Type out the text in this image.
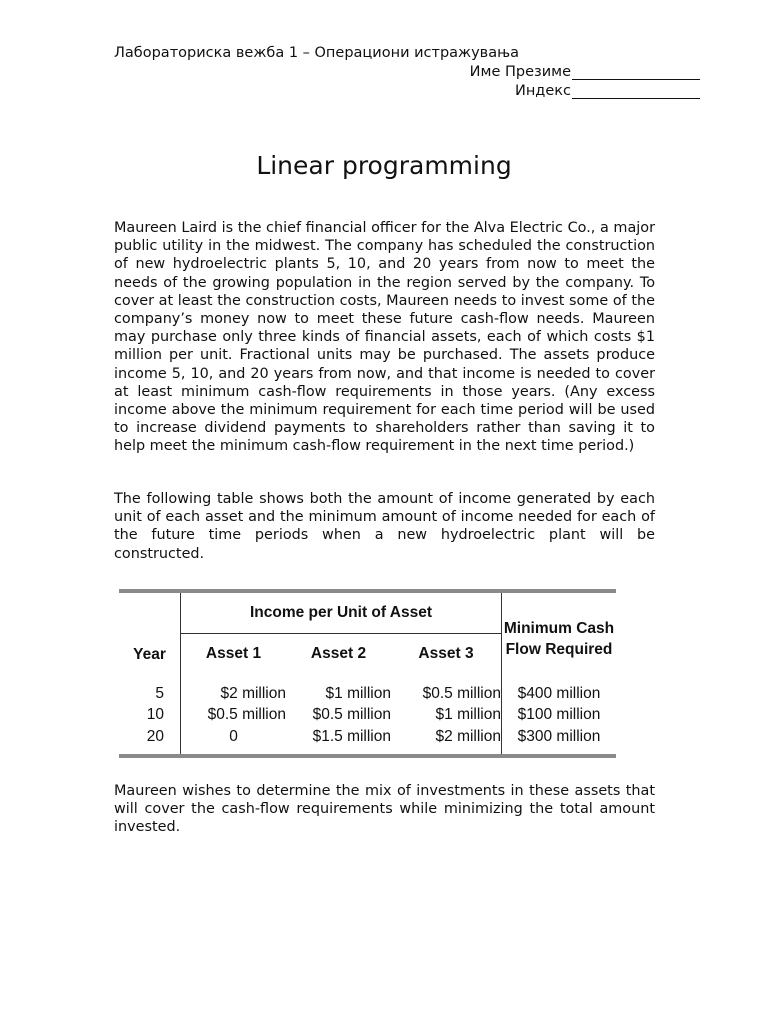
Лабораториска вежба 1 – Операциони истражувања
Име Презиме
Индекс
Linear programming

Maureen Laird is the chief financial officer for the Alva Electric Co., a major public utility in the midwest. The company has scheduled the construction of new hydroelectric plants 5, 10, and 20 years from now to meet the needs of the growing population in the region served by the company. To cover at least the construction costs, Maureen needs to invest some of the company’s money now to meet these future cash-flow needs. Maureen may purchase only three kinds of financial assets, each of which costs $1 million per unit. Fractional units may be purchased. The assets produce income 5, 10, and 20 years from now, and that income is needed to cover at least minimum cash-flow requirements in those years. (Any excess income above the minimum requirement for each time period will be used to increase dividend payments to shareholders rather than saving it to help meet the minimum cash-flow requirement in the next time period.)

The following table shows both the amount of income generated by each unit of each asset and the minimum amount of income needed for each of the future time periods when a new hydroelectric plant will be constructed.

Year	Income per Unit of Asset			Minimum Cash
Flow Required
	Asset 1	Asset 2	Asset 3	

5	$2 million	$1 million	$0.5 million	$400 million
10	$0.5 million	$0.5 million	$1 million	$100 million
20	0	$1.5 million	$2 million	$300 million

Maureen wishes to determine the mix of investments in these assets that will cover the cash-flow requirements while minimizing the total amount invested.
